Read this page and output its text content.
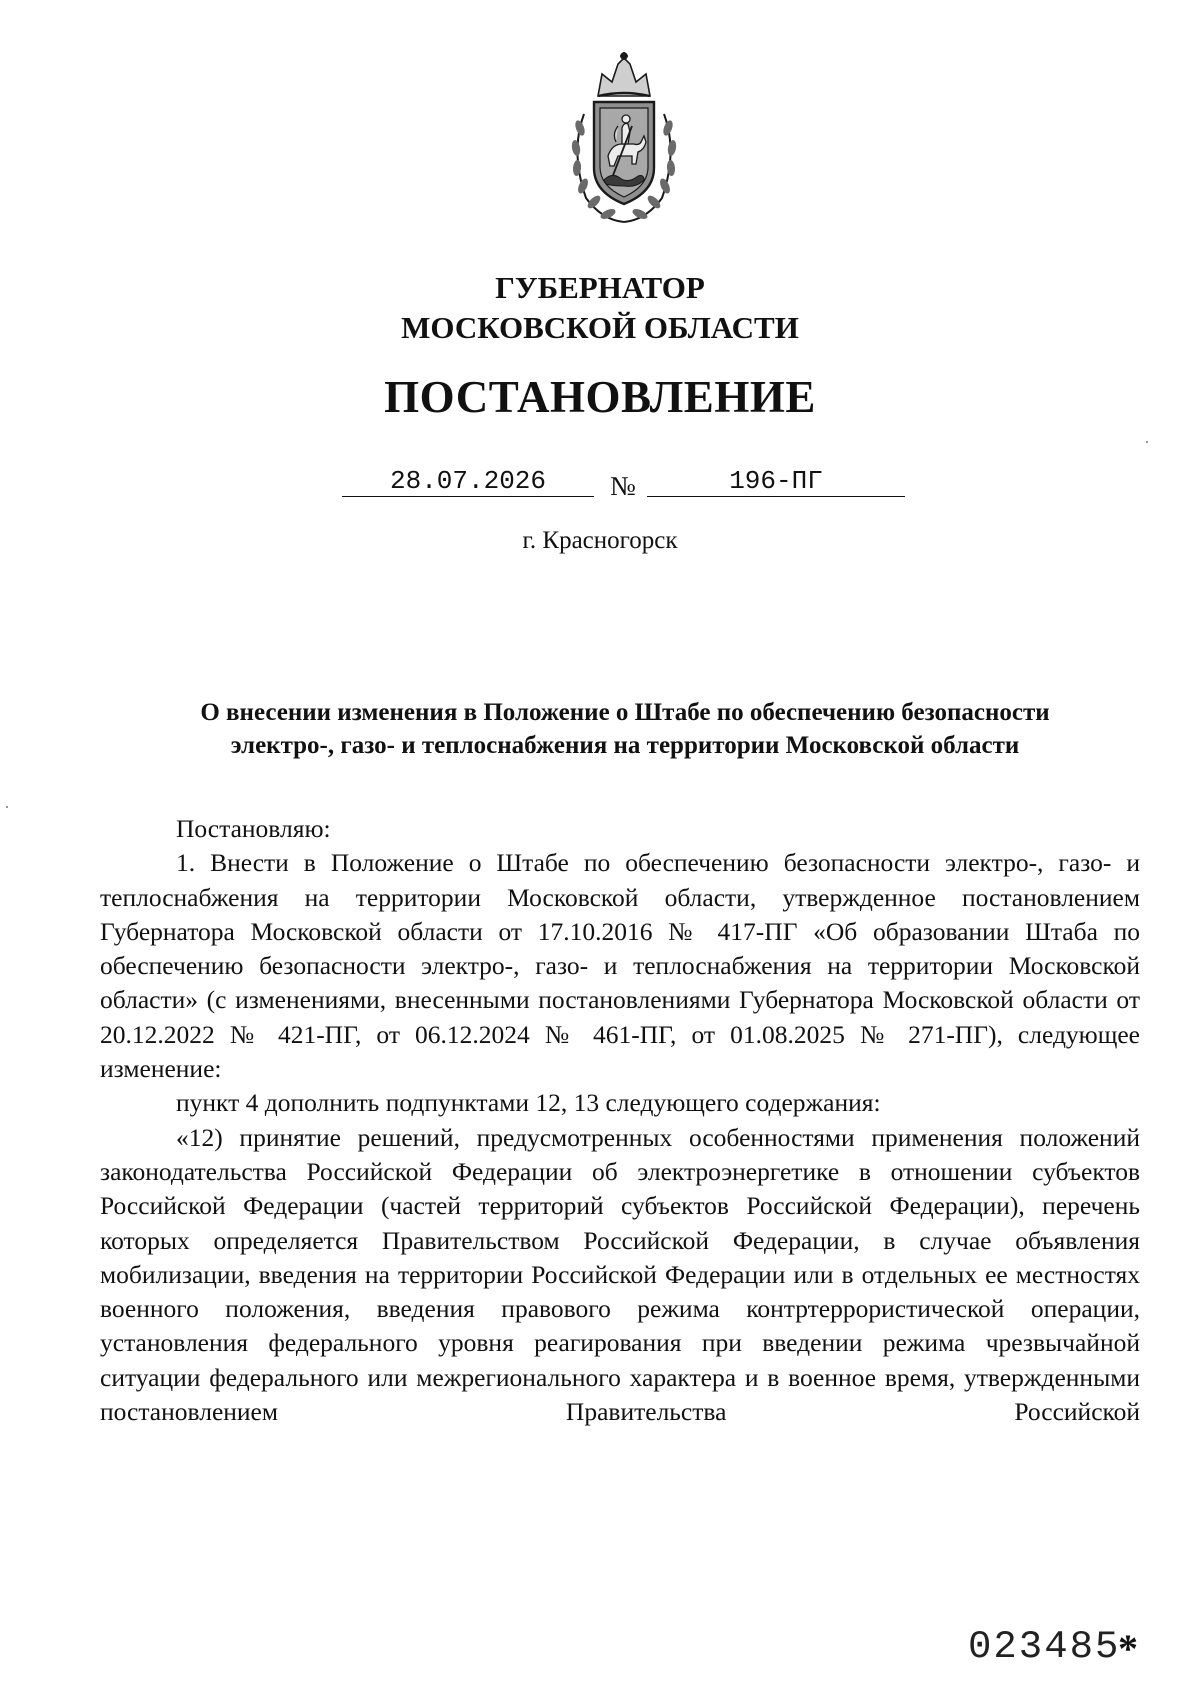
ГУБЕРНАТОР
МОСКОВСКОЙ ОБЛАСТИ
ПОСТАНОВЛЕНИЕ
28.07.2026	№	196-ПГ
г. Красногорск
О внесении изменения в Положение о Штабе по обеспечению безопасности
электро-, газо- и теплоснабжения на территории Московской области

Постановляю:

1. Внести в Положение о Штабе по обеспечению безопасности электро-, газо- и теплоснабжения на территории Московской области, утвержденное постановлением Губернатора Московской области от 17.10.2016 № 417-ПГ «Об образовании Штаба по обеспечению безопасности электро-, газо- и теплоснабжения на территории Московской области» (с изменениями, внесенными постановлениями Губернатора Московской области от 20.12.2022 № 421-ПГ, от 06.12.2024 № 461-ПГ, от 01.08.2025 № 271-ПГ), следующее изменение:

пункт 4 дополнить подпунктами 12, 13 следующего содержания:

«12) принятие решений, предусмотренных особенностями применения положений законодательства Российской Федерации об электроэнергетике в отношении субъектов Российской Федерации (частей территорий субъектов Российской Федерации), перечень которых определяется Правительством Российской Федерации, в случае объявления мобилизации, введения на территории Российской Федерации или в отдельных ее местностях военного положения, введения правового режима контртеррористической операции, установления федерального уровня реагирования при введении режима чрезвычайной ситуации федерального или межрегионального характера и в военное время, утвержденными постановлением Правительства Российской

023485
*
